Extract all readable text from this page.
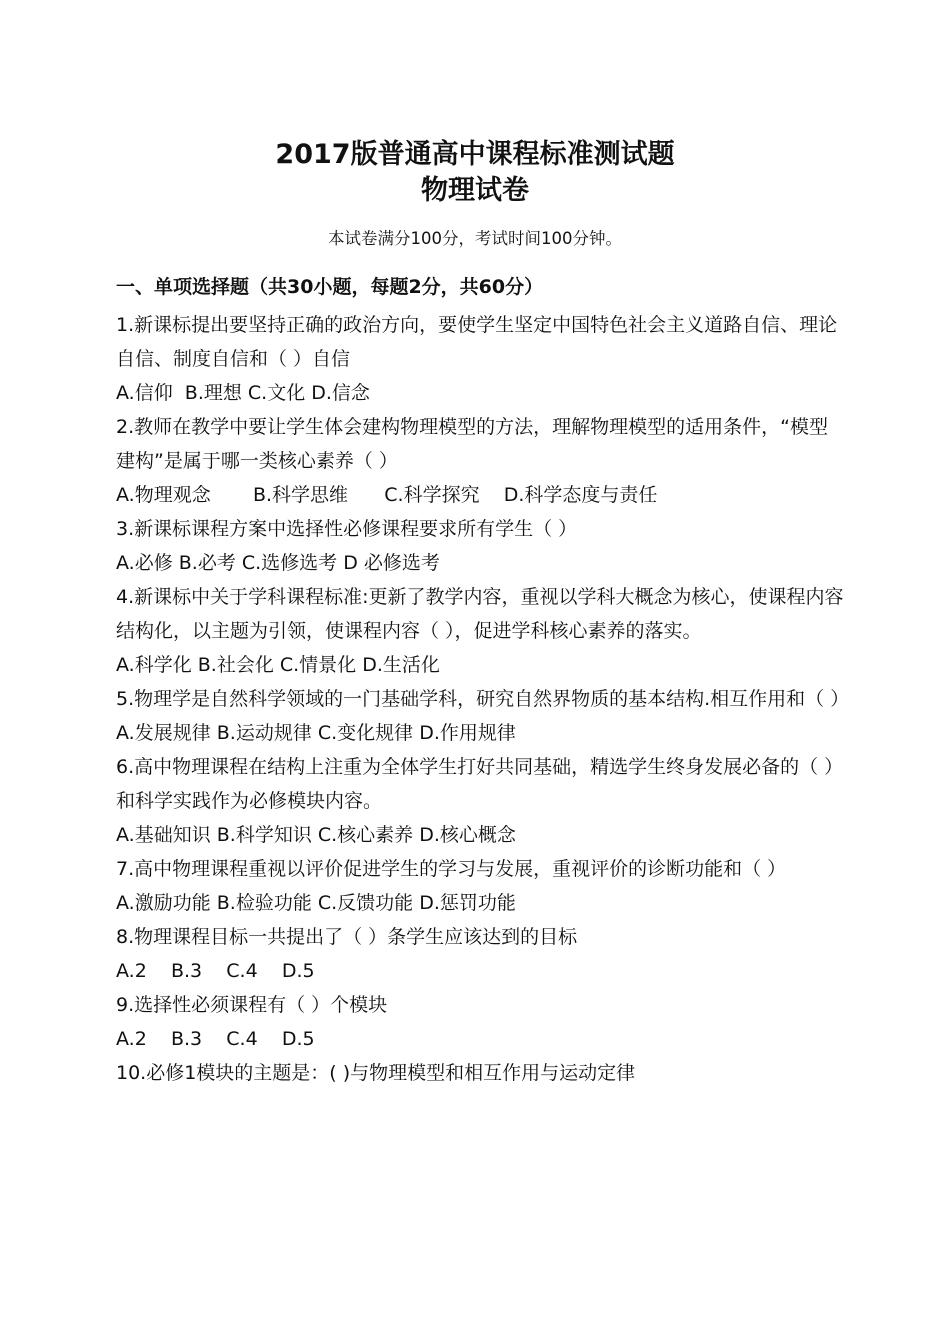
2017版普通高中课程标准测试题
物理试卷
本试卷满分100分，考试时间100分钟。
一、单项选择题（共30小题，每题2分，共60分）

1.新课标提出要坚持正确的政治方向，要使学生坚定中国特色社会主义道路自信、理论自信、制度自信和（ ）自信

A.信仰  B.理想 C.文化 D.信念

2.教师在教学中要让学生体会建构物理模型的方法，理解物理模型的适用条件，“模型建构”是属于哪一类核心素养（ ）

A.物理观念       B.科学思维      C.科学探究    D.科学态度与责任

3.新课标课程方案中选择性必修课程要求所有学生（ ）

A.必修 B.必考 C.选修选考 D 必修选考

4.新课标中关于学科课程标准:更新了教学内容，重视以学科大概念为核心，使课程内容结构化，以主题为引领，使课程内容（ ），促进学科核心素养的落实。

A.科学化 B.社会化 C.情景化 D.生活化

5.物理学是自然科学领域的一门基础学科，研究自然界物质的基本结构.相互作用和（ ）

A.发展规律 B.运动规律 C.变化规律 D.作用规律

6.高中物理课程在结构上注重为全体学生打好共同基础，精选学生终身发展必备的（ ）和科学实践作为必修模块内容。

A.基础知识 B.科学知识 C.核心素养 D.核心概念

7.高中物理课程重视以评价促进学生的学习与发展，重视评价的诊断功能和（ ）

A.激励功能 B.检验功能 C.反馈功能 D.惩罚功能

8.物理课程目标一共提出了（ ）条学生应该达到的目标

A.2    B.3    C.4    D.5

9.选择性必须课程有（ ）个模块

A.2    B.3    C.4    D.5

10.必修1模块的主题是：( )与物理模型和相互作用与运动定律
